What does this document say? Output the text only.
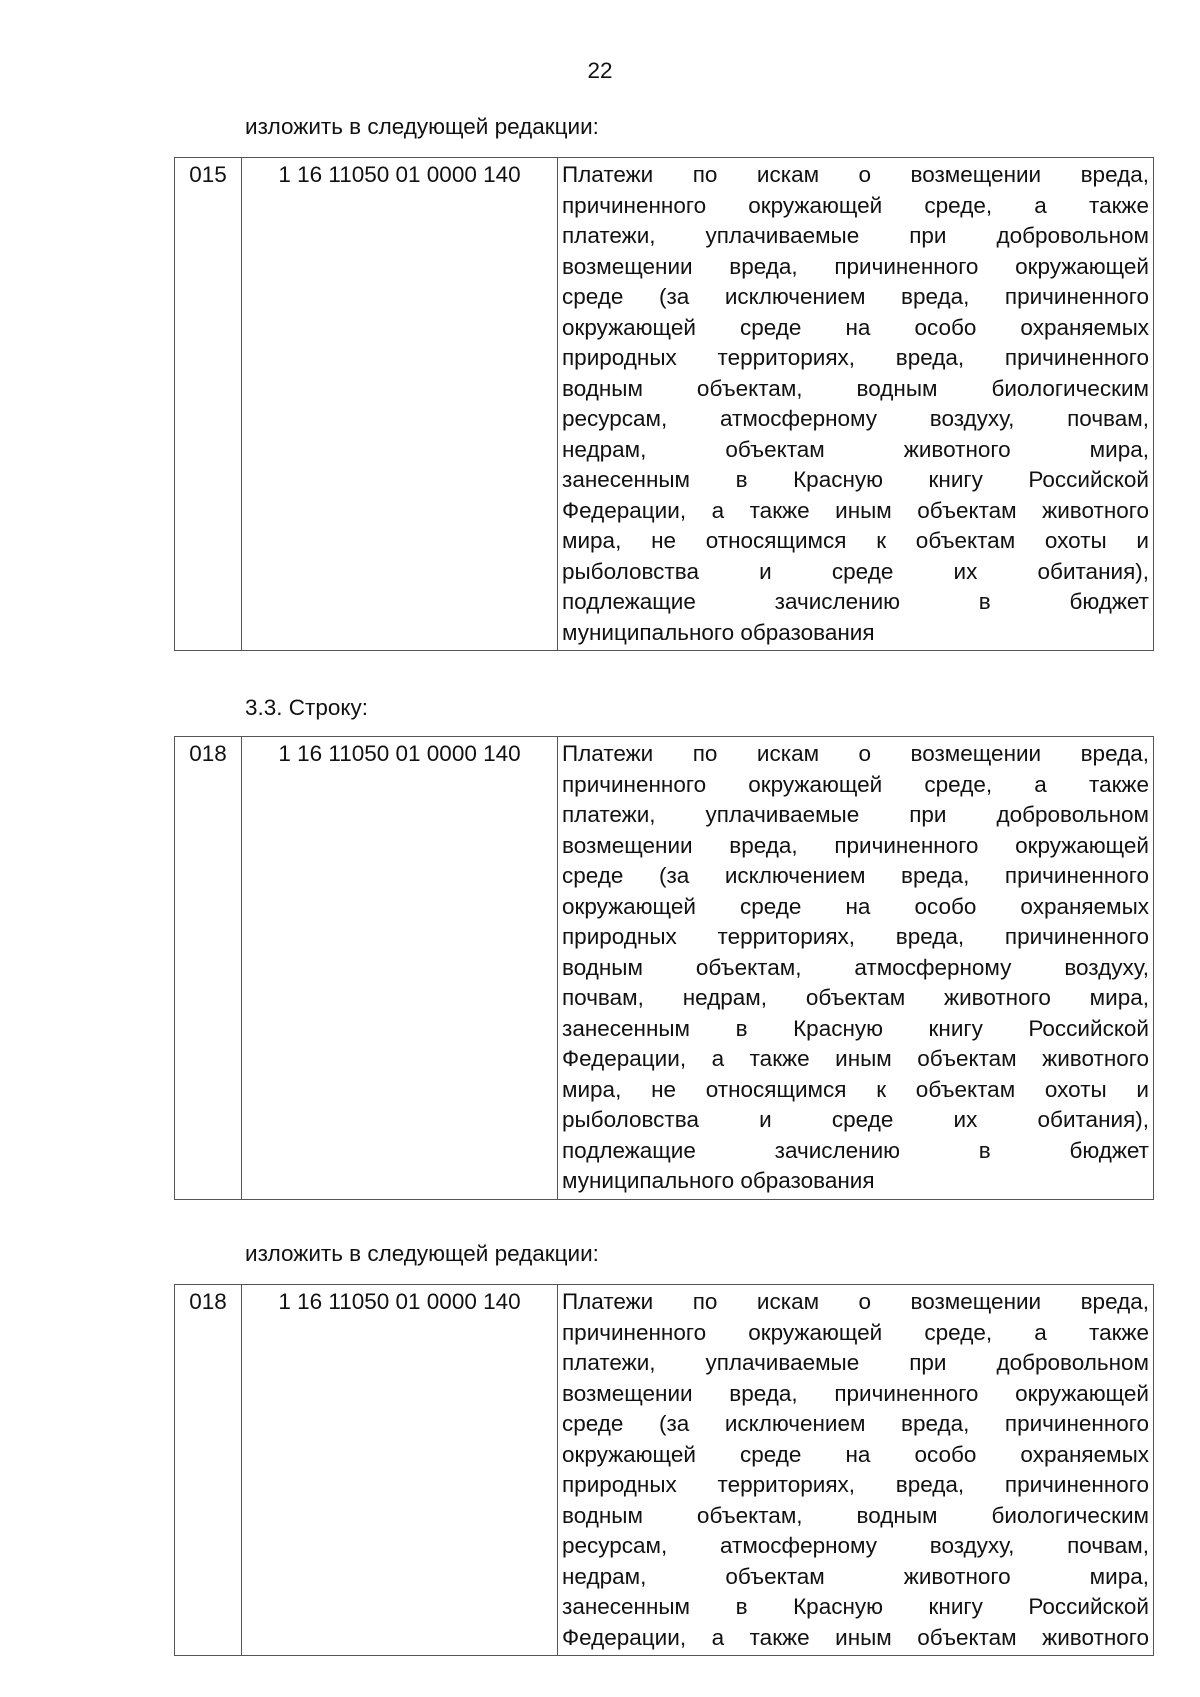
22
изложить в следующей редакции:
015	1 16 11050 01 0000 140	Платежи по искам о возмещении вреда,
причиненного окружающей среде, а также
платежи, уплачиваемые при добровольном
возмещении вреда, причиненного окружающей
среде (за исключением вреда, причиненного
окружающей среде на особо охраняемых
природных территориях, вреда, причиненного
водным объектам, водным биологическим
ресурсам, атмосферному воздуху, почвам,
недрам, объектам животного мира,
занесенным в Красную книгу Российской
Федерации, а также иным объектам животного
мира, не относящимся к объектам охоты и
рыболовства и среде их обитания),
подлежащие зачислению в бюджет
муниципального образования
3.3. Строку:
018	1 16 11050 01 0000 140	Платежи по искам о возмещении вреда,
причиненного окружающей среде, а также
платежи, уплачиваемые при добровольном
возмещении вреда, причиненного окружающей
среде (за исключением вреда, причиненного
окружающей среде на особо охраняемых
природных территориях, вреда, причиненного
водным объектам, атмосферному воздуху,
почвам, недрам, объектам животного мира,
занесенным в Красную книгу Российской
Федерации, а также иным объектам животного
мира, не относящимся к объектам охоты и
рыболовства и среде их обитания),
подлежащие зачислению в бюджет
муниципального образования
изложить в следующей редакции:
018	1 16 11050 01 0000 140	Платежи по искам о возмещении вреда,
причиненного окружающей среде, а также
платежи, уплачиваемые при добровольном
возмещении вреда, причиненного окружающей
среде (за исключением вреда, причиненного
окружающей среде на особо охраняемых
природных территориях, вреда, причиненного
водным объектам, водным биологическим
ресурсам, атмосферному воздуху, почвам,
недрам, объектам животного мира,
занесенным в Красную книгу Российской
Федерации, а также иным объектам животного
